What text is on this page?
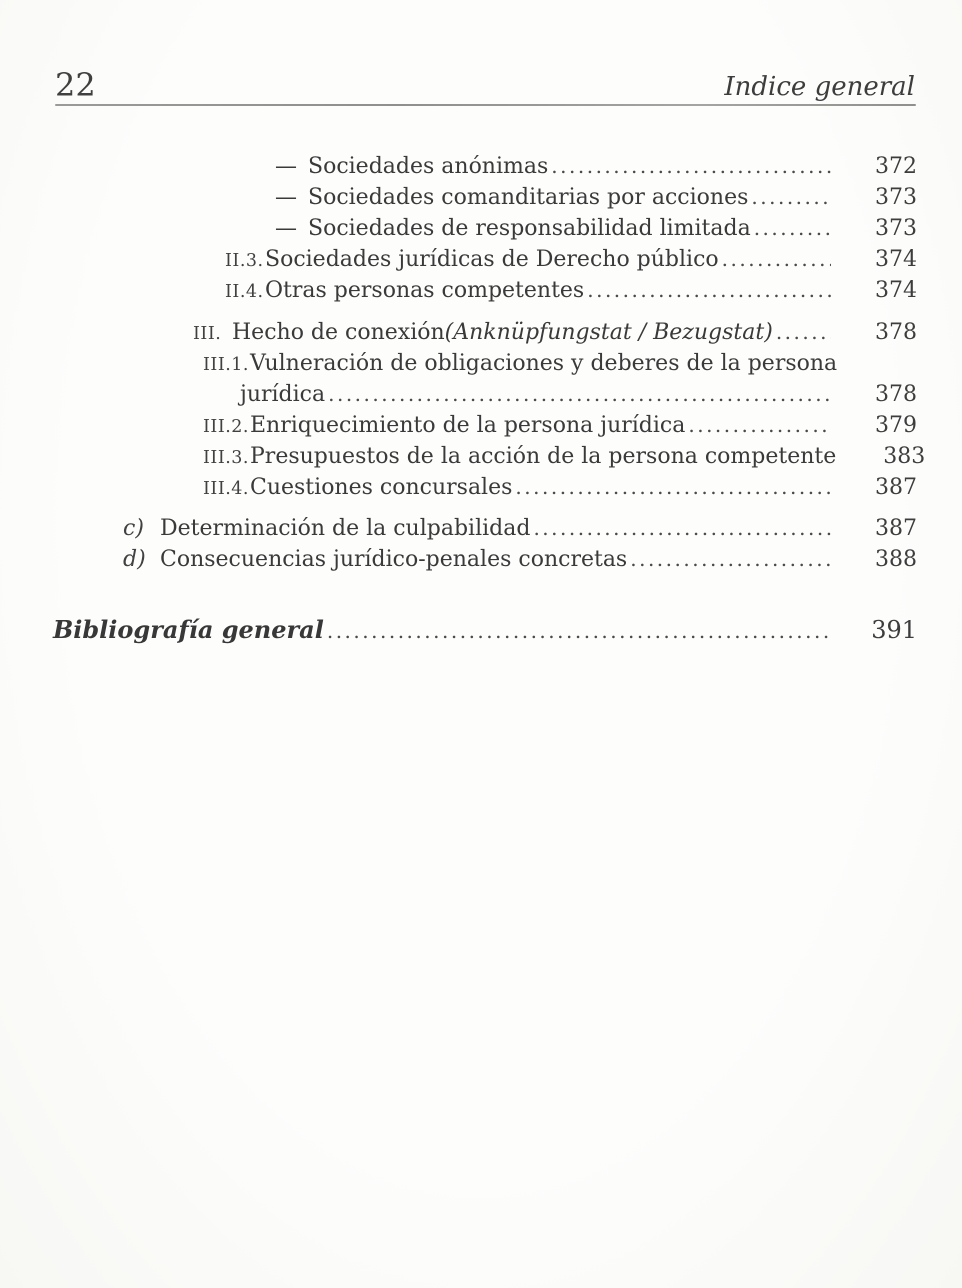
22	Indice general
— Sociedades anónimas .....	372
— Sociedades comanditarias por acciones .....	373
— Sociedades de responsabilidad limitada .....	373
II.3. Sociedades jurídicas de Derecho público .....	374
II.4. Otras personas competentes .....	374
III. Hecho de conexión (Anknüpfungstat / Bezugstat) .....	378
III.1. Vulneración de obligaciones y deberes de la persona
jurídica .....	378
III.2. Enriquecimiento de la persona jurídica .....	379
III.3. Presupuestos de la acción de la persona competente	383
III.4. Cuestiones concursales .....	387
c) Determinación de la culpabilidad .....	387
d) Consecuencias jurídico-penales concretas .....	388
Bibliografía general .....	391
